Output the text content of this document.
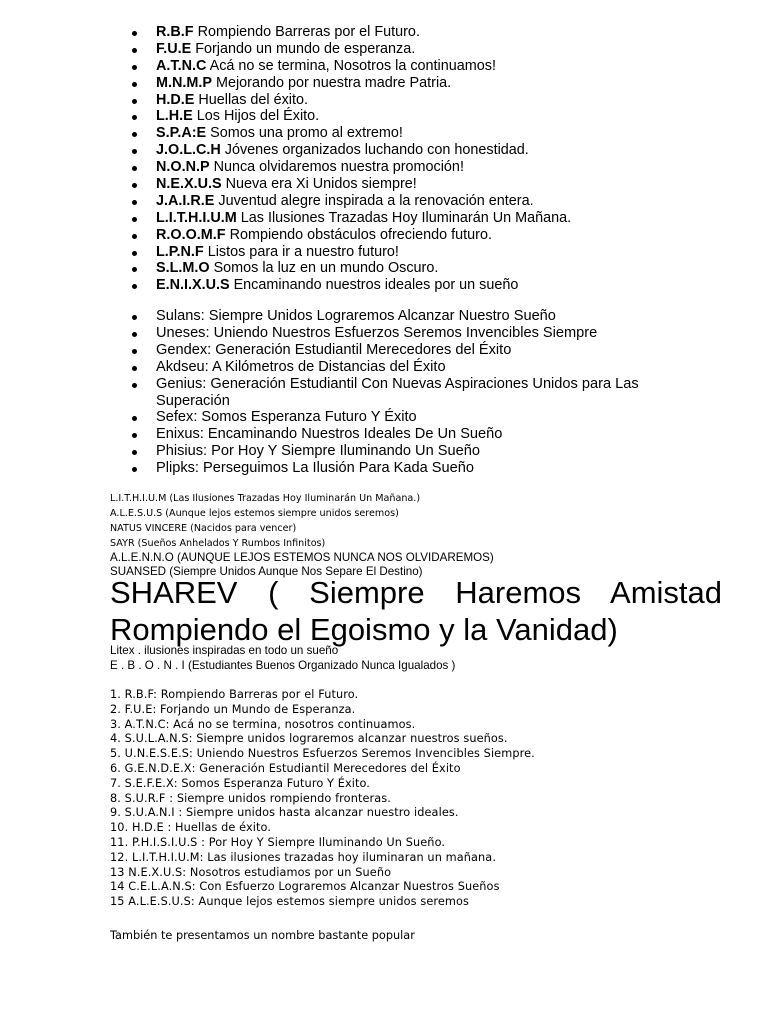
R.B.F Rompiendo Barreras por el Futuro.
F.U.E Forjando un mundo de esperanza.
A.T.N.C Acá no se termina, Nosotros la continuamos!
M.N.M.P Mejorando por nuestra madre Patria.
H.D.E Huellas del éxito.
L.H.E Los Hijos del Éxito.
S.P.A:E Somos una promo al extremo!
J.O.L.C.H Jóvenes organizados luchando con honestidad.
N.O.N.P Nunca olvidaremos nuestra promoción!
N.E.X.U.S Nueva era Xi Unidos siempre!
J.A.I.R.E Juventud alegre inspirada a la renovación entera.
L.I.T.H.I.U.M Las Ilusiones Trazadas Hoy Iluminarán Un Mañana.
R.O.O.M.F Rompiendo obstáculos ofreciendo futuro.
L.P.N.F Listos para ir a nuestro futuro!
S.L.M.O Somos la luz en un mundo Oscuro.
E.N.I.X.U.S Encaminando nuestros ideales por un sueño
Sulans: Siempre Unidos Lograremos Alcanzar Nuestro Sueño
Uneses: Uniendo Nuestros Esfuerzos Seremos Invencibles Siempre
Gendex: Generación Estudiantil Merecedores del Éxito
Akdseu: A Kilómetros de Distancias del Éxito
Genius: Generación Estudiantil Con Nuevas Aspiraciones Unidos para Las Superación
Sefex: Somos Esperanza Futuro Y Éxito
Enixus: Encaminando Nuestros Ideales De Un Sueño
Phisius: Por Hoy Y Siempre Iluminando Un Sueño
Plipks: Perseguimos La Ilusión Para Kada Sueño
L.I.T.H.I.U.M (Las Ilusiones Trazadas Hoy Iluminarán Un Mañana.)
A.L.E.S.U.S (Aunque lejos estemos siempre unidos seremos)
NATUS VINCERE (Nacidos para vencer)
SAYR (Sueños Anhelados Y Rumbos Infinitos)
A.L.E.N.N.O (AUNQUE LEJOS ESTEMOS NUNCA NOS OLVIDAREMOS)
SUANSED (Siempre Unidos Aunque Nos Separe El Destino)
SHAREV ( Siempre Haremos Amistad Rompiendo el Egoismo y la Vanidad)
Litex . ilusiones inspiradas en todo un sueño
E . B . O . N . I (Estudiantes Buenos Organizado Nunca Igualados )
1. R.B.F: Rompiendo Barreras por el Futuro.
2. F.U.E: Forjando un Mundo de Esperanza.
3. A.T.N.C: Acá no se termina, nosotros continuamos.
4. S.U.L.A.N.S: Siempre unidos lograremos alcanzar nuestros sueños.
5. U.N.E.S.E.S: Uniendo Nuestros Esfuerzos Seremos Invencibles Siempre.
6. G.E.N.D.E.X: Generación Estudiantil Merecedores del Éxito
7. S.E.F.E.X: Somos Esperanza Futuro Y Éxito.
8. S.U.R.F : Siempre unidos rompiendo fronteras.
9. S.U.A.N.I : Siempre unidos hasta alcanzar nuestro ideales.
10. H.D.E : Huellas de éxito.
11. P.H.I.S.I.U.S : Por Hoy Y Siempre Iluminando Un Sueño.
12. L.I.T.H.I.U.M: Las ilusiones trazadas hoy iluminaran un mañana.
13 N.E.X.U.S: Nosotros estudiamos por un Sueño
14 C.E.L.A.N.S: Con Esfuerzo Lograremos Alcanzar Nuestros Sueños
15 A.L.E.S.U.S: Aunque lejos estemos siempre unidos seremos
También te presentamos un nombre bastante popular
